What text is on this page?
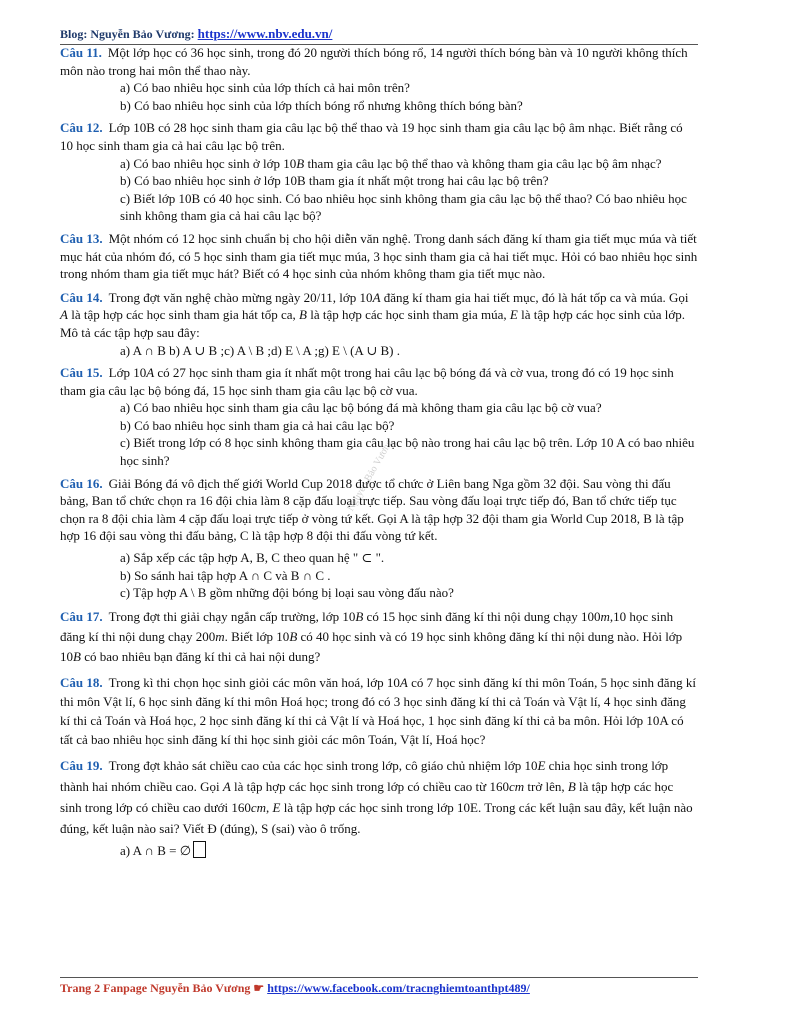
Blog: Nguyễn Bảo Vương: https://www.nbv.edu.vn/
Nguyễn Bảo Vương
Câu 11. Một lớp học có 36 học sinh, trong đó 20 người thích bóng rổ, 14 người thích bóng bàn và 10 người không thích môn nào trong hai môn thể thao này.
a) Có bao nhiêu học sinh của lớp thích cả hai môn trên?
b) Có bao nhiêu học sinh của lớp thích bóng rổ nhưng không thích bóng bàn?
Câu 12. Lớp 10B có 28 học sinh tham gia câu lạc bộ thể thao và 19 học sinh tham gia câu lạc bộ âm nhạc. Biết rằng có 10 học sinh tham gia cả hai câu lạc bộ trên.
a) Có bao nhiêu học sinh ở lớp 10B tham gia câu lạc bộ thể thao và không tham gia câu lạc bộ âm nhạc?
b) Có bao nhiêu học sinh ở lớp 10B tham gia ít nhất một trong hai câu lạc bộ trên?
c) Biết lớp 10B có 40 học sinh. Có bao nhiêu học sinh không tham gia câu lạc bộ thể thao? Có bao nhiêu học sinh không tham gia cả hai câu lạc bộ?
Câu 13. Một nhóm có 12 học sinh chuẩn bị cho hội diễn văn nghệ. Trong danh sách đăng kí tham gia tiết mục múa và tiết mục hát của nhóm đó, có 5 học sinh tham gia tiết mục múa, 3 học sinh tham gia cả hai tiết mục. Hỏi có bao nhiêu học sinh trong nhóm tham gia tiết mục hát? Biết có 4 học sinh của nhóm không tham gia tiết mục nào.
Câu 14. Trong đợt văn nghệ chào mừng ngày 20/11, lớp 10A đăng kí tham gia hai tiết mục, đó là hát tốp ca và múa. Gọi A là tập hợp các học sinh tham gia hát tốp ca, B là tập hợp các học sinh tham gia múa, E là tập hợp các học sinh của lớp. Mô tả các tập hợp sau đây:
a) A ∩ B b) A ∪ B ;c) A \ B ;d) E \ A ;g) E \ (A ∪ B) .
Câu 15. Lớp 10A có 27 học sinh tham gia ít nhất một trong hai câu lạc bộ bóng đá và cờ vua, trong đó có 19 học sinh tham gia câu lạc bộ bóng đá, 15 học sinh tham gia câu lạc bộ cờ vua.
a) Có bao nhiêu học sinh tham gia câu lạc bộ bóng đá mà không tham gia câu lạc bộ cờ vua?
b) Có bao nhiêu học sinh tham gia cả hai câu lạc bộ?
c) Biết trong lớp có 8 học sinh không tham gia câu lạc bộ nào trong hai câu lạc bộ trên. Lớp 10 A có bao nhiêu học sinh?
Câu 16. Giải Bóng đá vô địch thế giới World Cup 2018 được tổ chức ở Liên bang Nga gồm 32 đội. Sau vòng thi đấu bảng, Ban tổ chức chọn ra 16 đội chia làm 8 cặp đấu loại trực tiếp. Sau vòng đấu loại trực tiếp đó, Ban tổ chức tiếp tục chọn ra 8 đội chia làm 4 cặp đấu loại trực tiếp ở vòng tứ kết. Gọi A là tập hợp 32 đội tham gia World Cup 2018, B là tập hợp 16 đội sau vòng thi đấu bảng, C là tập hợp 8 đội thi đấu vòng tứ kết.
a) Sắp xếp các tập hợp A, B, C theo quan hệ " ⊂ ".
b) So sánh hai tập hợp A ∩ C và B ∩ C .
c) Tập hợp A \ B gồm những đội bóng bị loại sau vòng đấu nào?
Câu 17. Trong đợt thi giải chạy ngắn cấp trường, lớp 10B có 15 học sinh đăng kí thi nội dung chạy 100m,10 học sinh đăng kí thi nội dung chạy 200m. Biết lớp 10B có 40 học sinh và có 19 học sinh không đăng kí thi nội dung nào. Hỏi lớp 10B có bao nhiêu bạn đăng kí thi cả hai nội dung?
Câu 18. Trong kì thi chọn học sinh giỏi các môn văn hoá, lớp 10A có 7 học sinh đăng kí thi môn Toán, 5 học sinh đăng kí thi môn Vật lí, 6 học sinh đăng kí thi môn Hoá học; trong đó có 3 học sinh đăng kí thi cả Toán và Vật lí, 4 học sinh đăng kí thi cả Toán và Hoá học, 2 học sinh đăng kí thi cả Vật lí và Hoá học, 1 học sinh đăng kí thi cả ba môn. Hỏi lớp 10A có tất cả bao nhiêu học sinh đăng kí thi học sinh giỏi các môn Toán, Vật lí, Hoá học?
Câu 19. Trong đợt khảo sát chiều cao của các học sinh trong lớp, cô giáo chủ nhiệm lớp 10E chia học sinh trong lớp thành hai nhóm chiều cao. Gọi A là tập hợp các học sinh trong lớp có chiều cao từ 160cm trở lên, B là tập hợp các học sinh trong lớp có chiều cao dưới 160cm, E là tập hợp các học sinh trong lớp 10E. Trong các kết luận sau đây, kết luận nào đúng, kết luận nào sai? Viết Đ (đúng), S (sai) vào ô trống.
a) A ∩ B = ∅
Trang 2 Fanpage Nguyễn Bảo Vương ☛ https://www.facebook.com/tracnghiemtoanthpt489/
